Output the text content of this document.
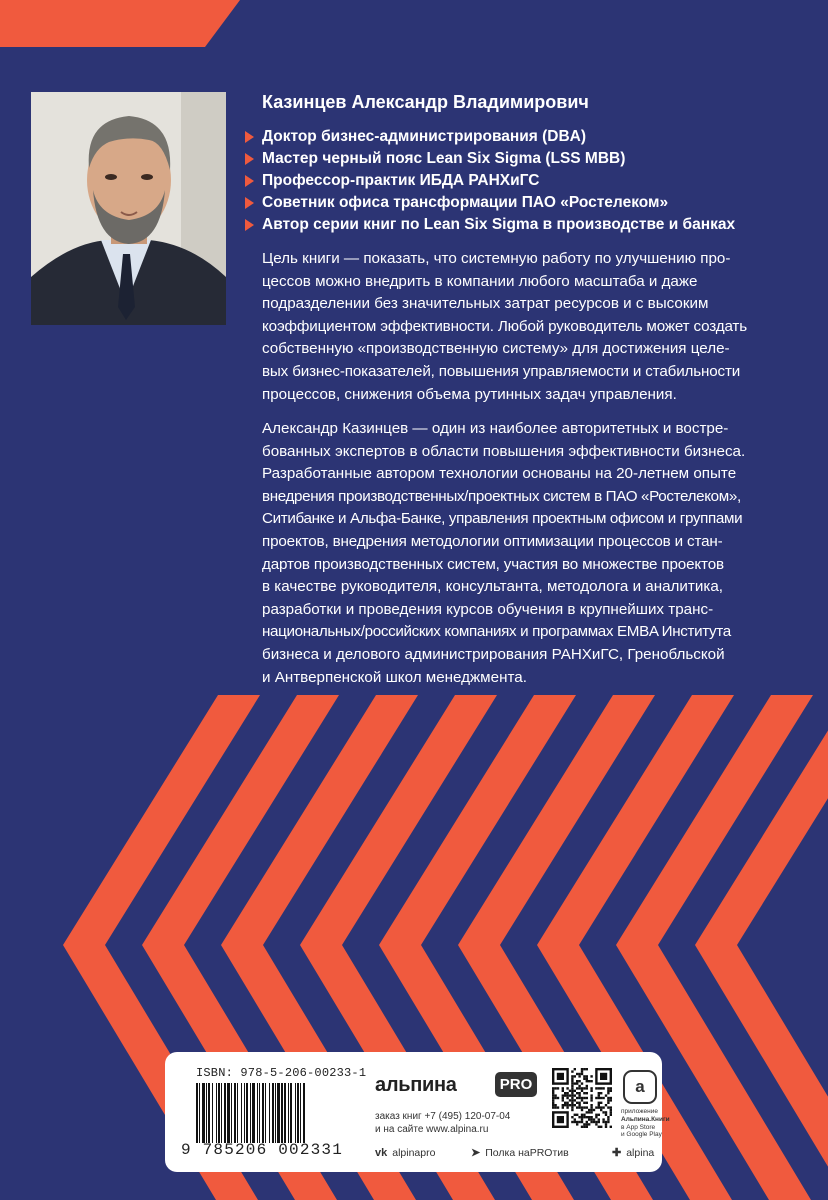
Казинцев Александр Владимирович
Доктор бизнес-администрирования (DBA)
Мастер черный пояс Lean Six Sigma (LSS MBB)
Профессор-практик ИБДА РАНХиГС
Советник офиса трансформации ПАО «Ростелеком»
Автор серии книг по Lean Six Sigma в производстве и банках

Цель книги — показать, что системную работу по улучшению про-
цессов можно внедрить в компании любого масштаба и даже
подразделении без значительных затрат ресурсов и с высоким
коэффициентом эффективности. Любой руководитель может создать
собственную «производственную систему» для достижения целе-
вых бизнес-показателей, повышения управляемости и стабильности
процессов, снижения объема рутинных задач управления.

Александр Казинцев — один из наиболее авторитетных и востре-
бованных экспертов в области повышения эффективности бизнеса.
Разработанные автором технологии основаны на 20-летнем опыте
внедрения производственных/проектных систем в ПАО «Ростелеком»,
Ситибанке и Альфа-Банке, управления проектным офисом и группами
проектов, внедрения методологии оптимизации процессов и стан-
дартов производственных систем, участия во множестве проектов
в качестве руководителя, консультанта, методолога и аналитика,
разработки и проведения курсов обучения в крупнейших транс-
национальных/российских компаниях и программах EMBA Института
бизнеса и делового администрирования РАНХиГС, Гренобльской
и Антверпенской школ менеджмента.

ISBN: 978-5-206-00233-1
9 785206 002331
альпина	PRO
заказ книг +7 (495) 120-07-04
и на сайте www.alpina.ru
a
приложение
Альпина.Книги
в App Store
и Google Play
vk alpinapro	➤ Полка наPROтив	✚ alpina
